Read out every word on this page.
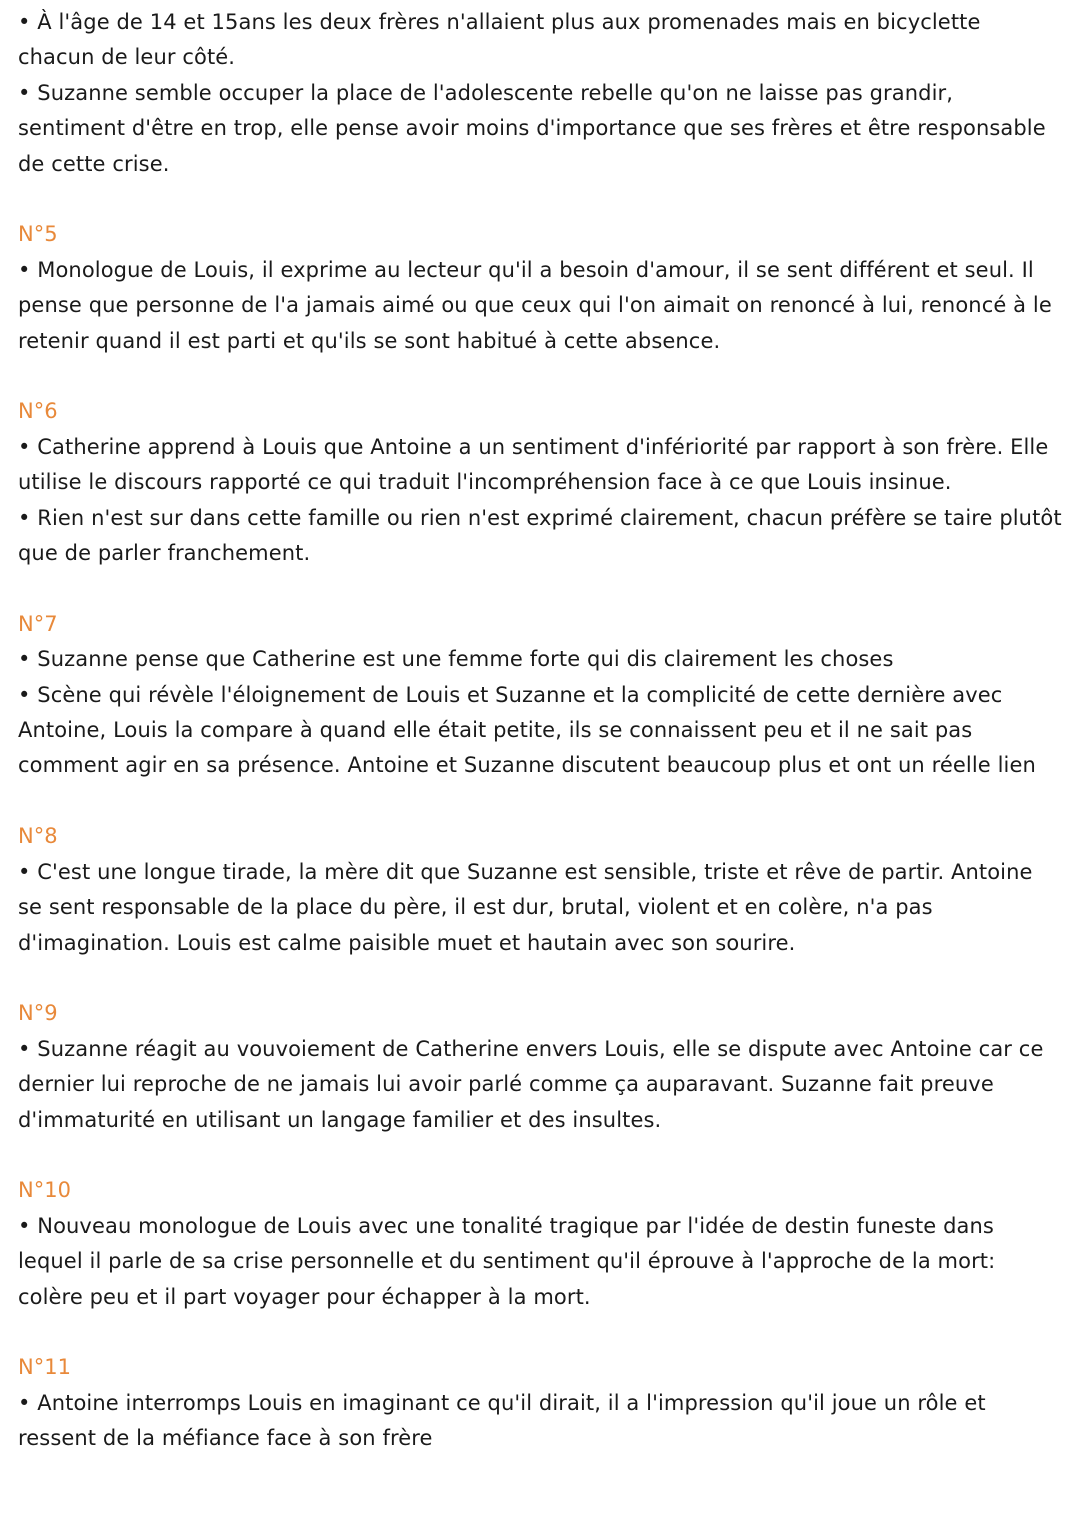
• À l'âge de 14 et 15ans les deux frères n'allaient plus aux promenades mais en bicyclette chacun de leur côté.

• Suzanne semble occuper la place de l'adolescente rebelle qu'on ne laisse pas grandir, sentiment d'être en trop, elle pense avoir moins d'importance que ses frères et être responsable de cette crise.

N°5

• Monologue de Louis, il exprime au lecteur qu'il a besoin d'amour, il se sent différent et seul. Il pense que personne de l'a jamais aimé ou que ceux qui l'on aimait on renoncé à lui, renoncé à le retenir quand il est parti et qu'ils se sont habitué à cette absence.

N°6

• Catherine apprend à Louis que Antoine a un sentiment d'infériorité par rapport à son frère. Elle utilise le discours rapporté ce qui traduit l'incompréhension face à ce que Louis insinue.

• Rien n'est sur dans cette famille ou rien n'est exprimé clairement, chacun préfère se taire plutôt que de parler franchement.

N°7

• Suzanne pense que Catherine est une femme forte qui dis clairement les choses

• Scène qui révèle l'éloignement de Louis et Suzanne et la complicité de cette dernière avec Antoine, Louis la compare à quand elle était petite, ils se connaissent peu et il ne sait pas comment agir en sa présence. Antoine et Suzanne discutent beaucoup plus et ont un réelle lien

N°8

• C'est une longue tirade, la mère dit que Suzanne est sensible, triste et rêve de partir. Antoine se sent responsable de la place du père, il est dur, brutal, violent et en colère, n'a pas d'imagination. Louis est calme paisible muet et hautain avec son sourire.

N°9

• Suzanne réagit au vouvoiement de Catherine envers Louis, elle se dispute avec Antoine car ce dernier lui reproche de ne jamais lui avoir parlé comme ça auparavant. Suzanne fait preuve d'immaturité en utilisant un langage familier et des insultes.

N°10

• Nouveau monologue de Louis avec une tonalité tragique par l'idée de destin funeste dans lequel il parle de sa crise personnelle et du sentiment qu'il éprouve à l'approche de la mort: colère peu et il part voyager pour échapper à la mort.

N°11

• Antoine interromps Louis en imaginant ce qu'il dirait, il a l'impression qu'il joue un rôle et ressent de la méfiance face à son frère
